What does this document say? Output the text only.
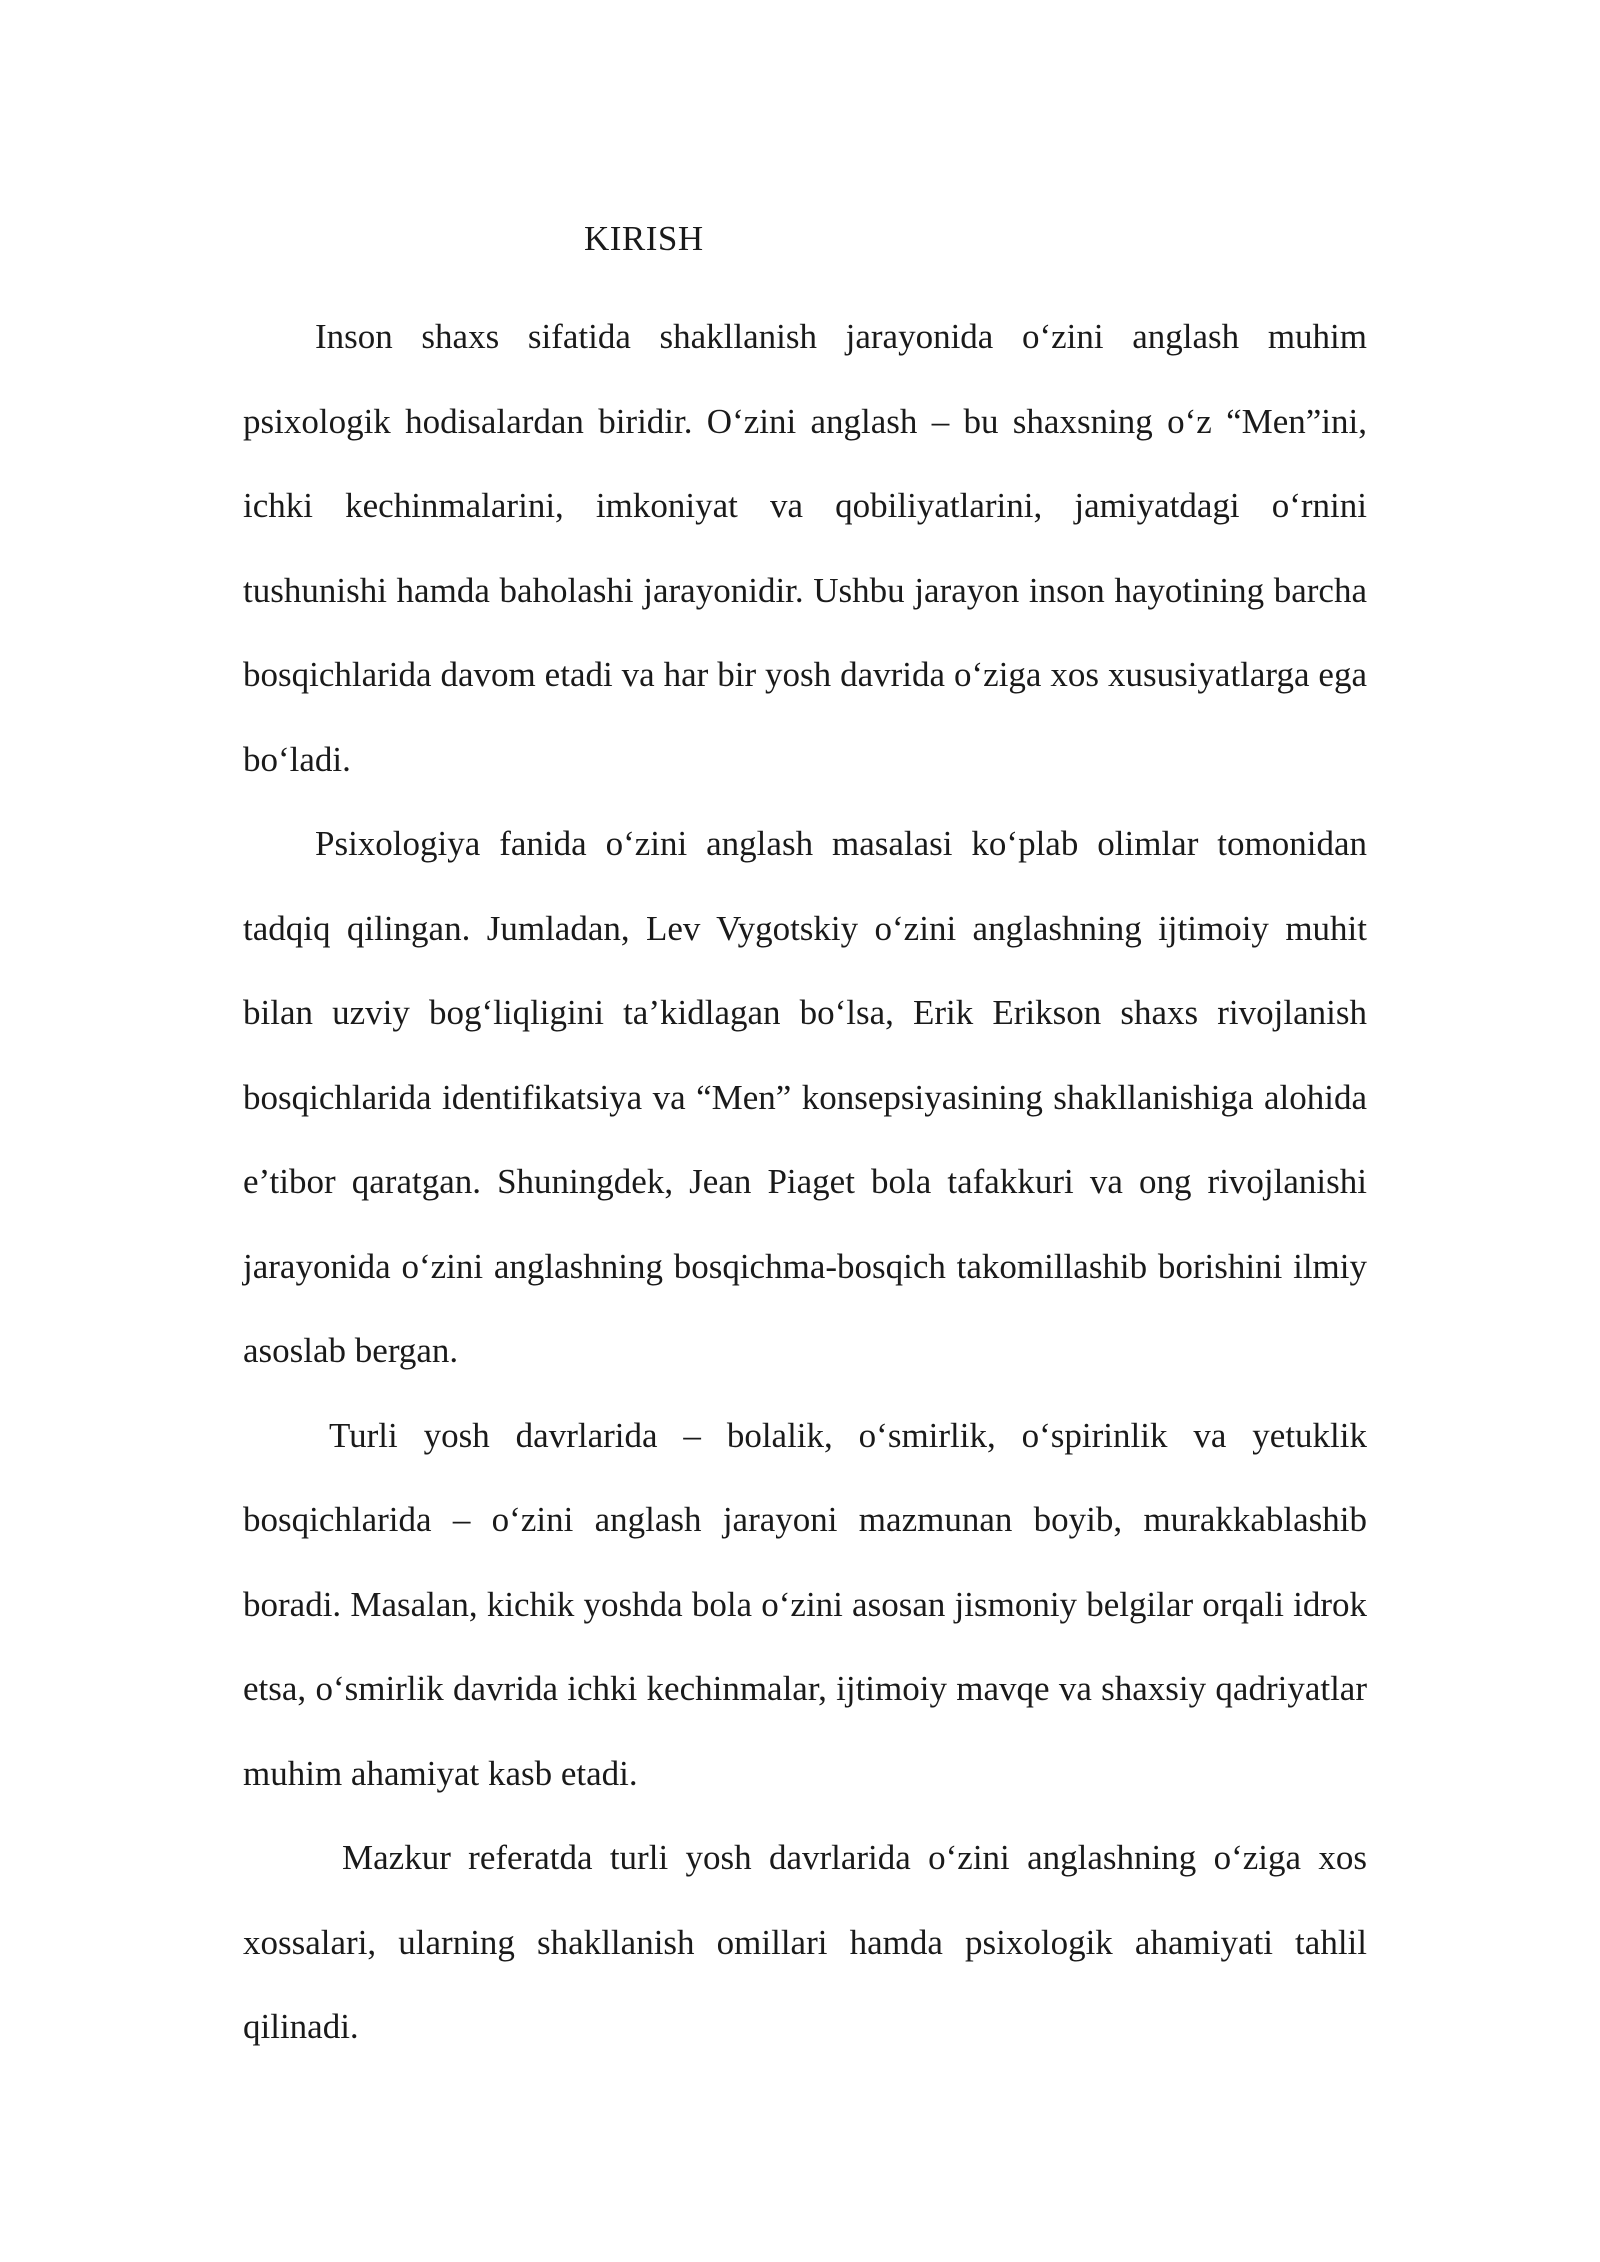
KIRISH

Inson shaxs sifatida shakllanish jarayonida o‘zini anglash muhim psixologik hodisalardan biridir. O‘zini anglash – bu shaxsning o‘z “Men”ini, ichki kechinmalarini, imkoniyat va qobiliyatlarini, jamiyatdagi o‘rnini tushunishi hamda baholashi jarayonidir. Ushbu jarayon inson hayotining barcha bosqichlarida davom etadi va har bir yosh davrida o‘ziga xos xususiyatlarga ega bo‘ladi.

Psixologiya fanida o‘zini anglash masalasi ko‘plab olimlar tomonidan tadqiq qilingan. Jumladan, Lev Vygotskiy o‘zini anglashning ijtimoiy muhit bilan uzviy bog‘liqligini ta’kidlagan bo‘lsa, Erik Erikson shaxs rivojlanish bosqichlarida identifikatsiya va “Men” konsepsiyasining shakllanishiga alohida e’tibor qaratgan. Shuningdek, Jean Piaget bola tafakkuri va ong rivojlanishi jarayonida o‘zini anglashning bosqichma-bosqich takomillashib borishini ilmiy asoslab bergan.

Turli yosh davrlarida – bolalik, o‘smirlik, o‘spirinlik va yetuklik bosqichlarida – o‘zini anglash jarayoni mazmunan boyib, murakkablashib boradi. Masalan, kichik yoshda bola o‘zini asosan jismoniy belgilar orqali idrok etsa, o‘smirlik davrida ichki kechinmalar, ijtimoiy mavqe va shaxsiy qadriyatlar muhim ahamiyat kasb etadi.

Mazkur referatda turli yosh davrlarida o‘zini anglashning o‘ziga xos xossalari, ularning shakllanish omillari hamda psixologik ahamiyati tahlil qilinadi.
